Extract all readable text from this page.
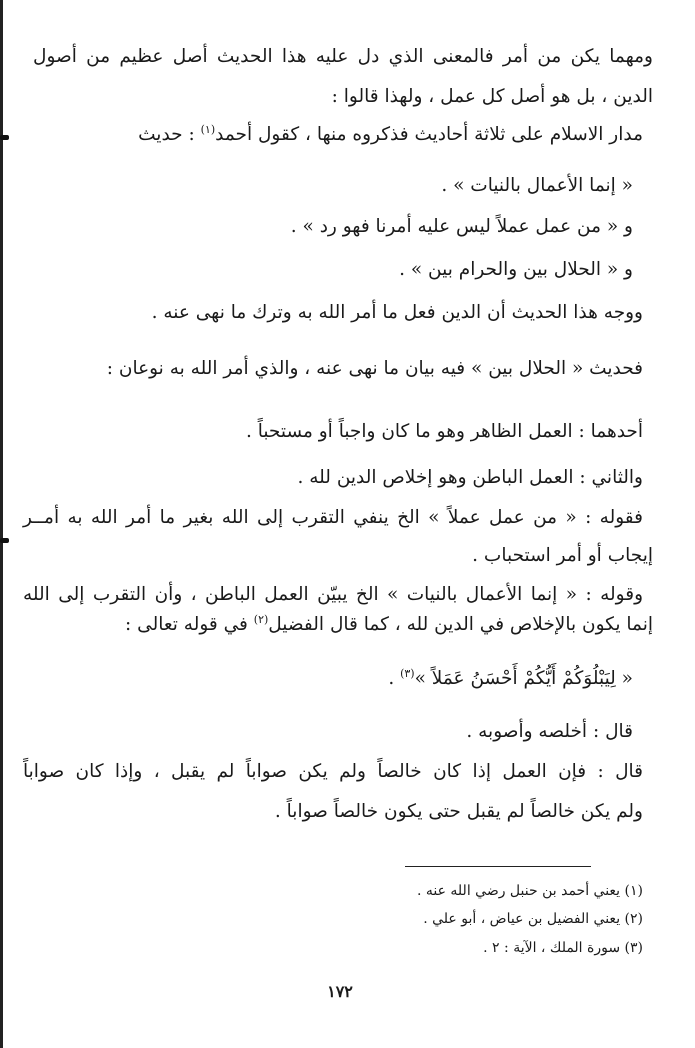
ومهما يكن من أمر فالمعنى الذي دل عليه هذا الحديث أصل عظيم من أصول
الدين ، بل هو أصل كل عمل ، ولهذا قالوا :
مدار الاسلام على ثلاثة أحاديث فذكروه منها ، كقول أحمد$^{(١)}$ : حديث
« إنما الأعمال بالنيات » .
و « من عمل عملاً ليس عليه أمرنا فهو رد » .
و « الحلال بين والحرام بين » .
ووجه هذا الحديث أن الدين فعل ما أمر الله به وترك ما نهى عنه .
فحديث « الحلال بين » فيه بيان ما نهى عنه ، والذي أمر الله به نوعان :
أحدهما : العمل الظاهر وهو ما كان واجباً أو مستحباً .
والثاني : العمل الباطن وهو إخلاص الدين لله .
فقوله : « من عمل عملاً » الخ ينفي التقرب إلى الله بغير ما أمر الله به أمــر
إيجاب أو أمر استحباب .
وقوله : « إنما الأعمال بالنيات » الخ يبيّن العمل الباطن ، وأن التقرب إلى الله
إنما يكون بالإخلاص في الدين لله ، كما قال الفضيل$^{(٢)}$ في قوله تعالى :
« لِيَبْلُوَكُمْ أَيُّكُمْ أَحْسَنُ عَمَلاً »$^{(٣)}$ .
قال : أخلصه وأصوبه .
قال : فإن العمل إذا كان خالصاً ولم يكن صواباً لم يقبل ، وإذا كان صواباً
ولم يكن خالصاً لم يقبل حتى يكون خالصاً صواباً .
(١) يعني أحمد بن حنبل رضي الله عنه .
(٢) يعني الفضيل بن عياض ، أبو علي .
(٣) سورة الملك ، الآية : ٢ .
١٧٢
